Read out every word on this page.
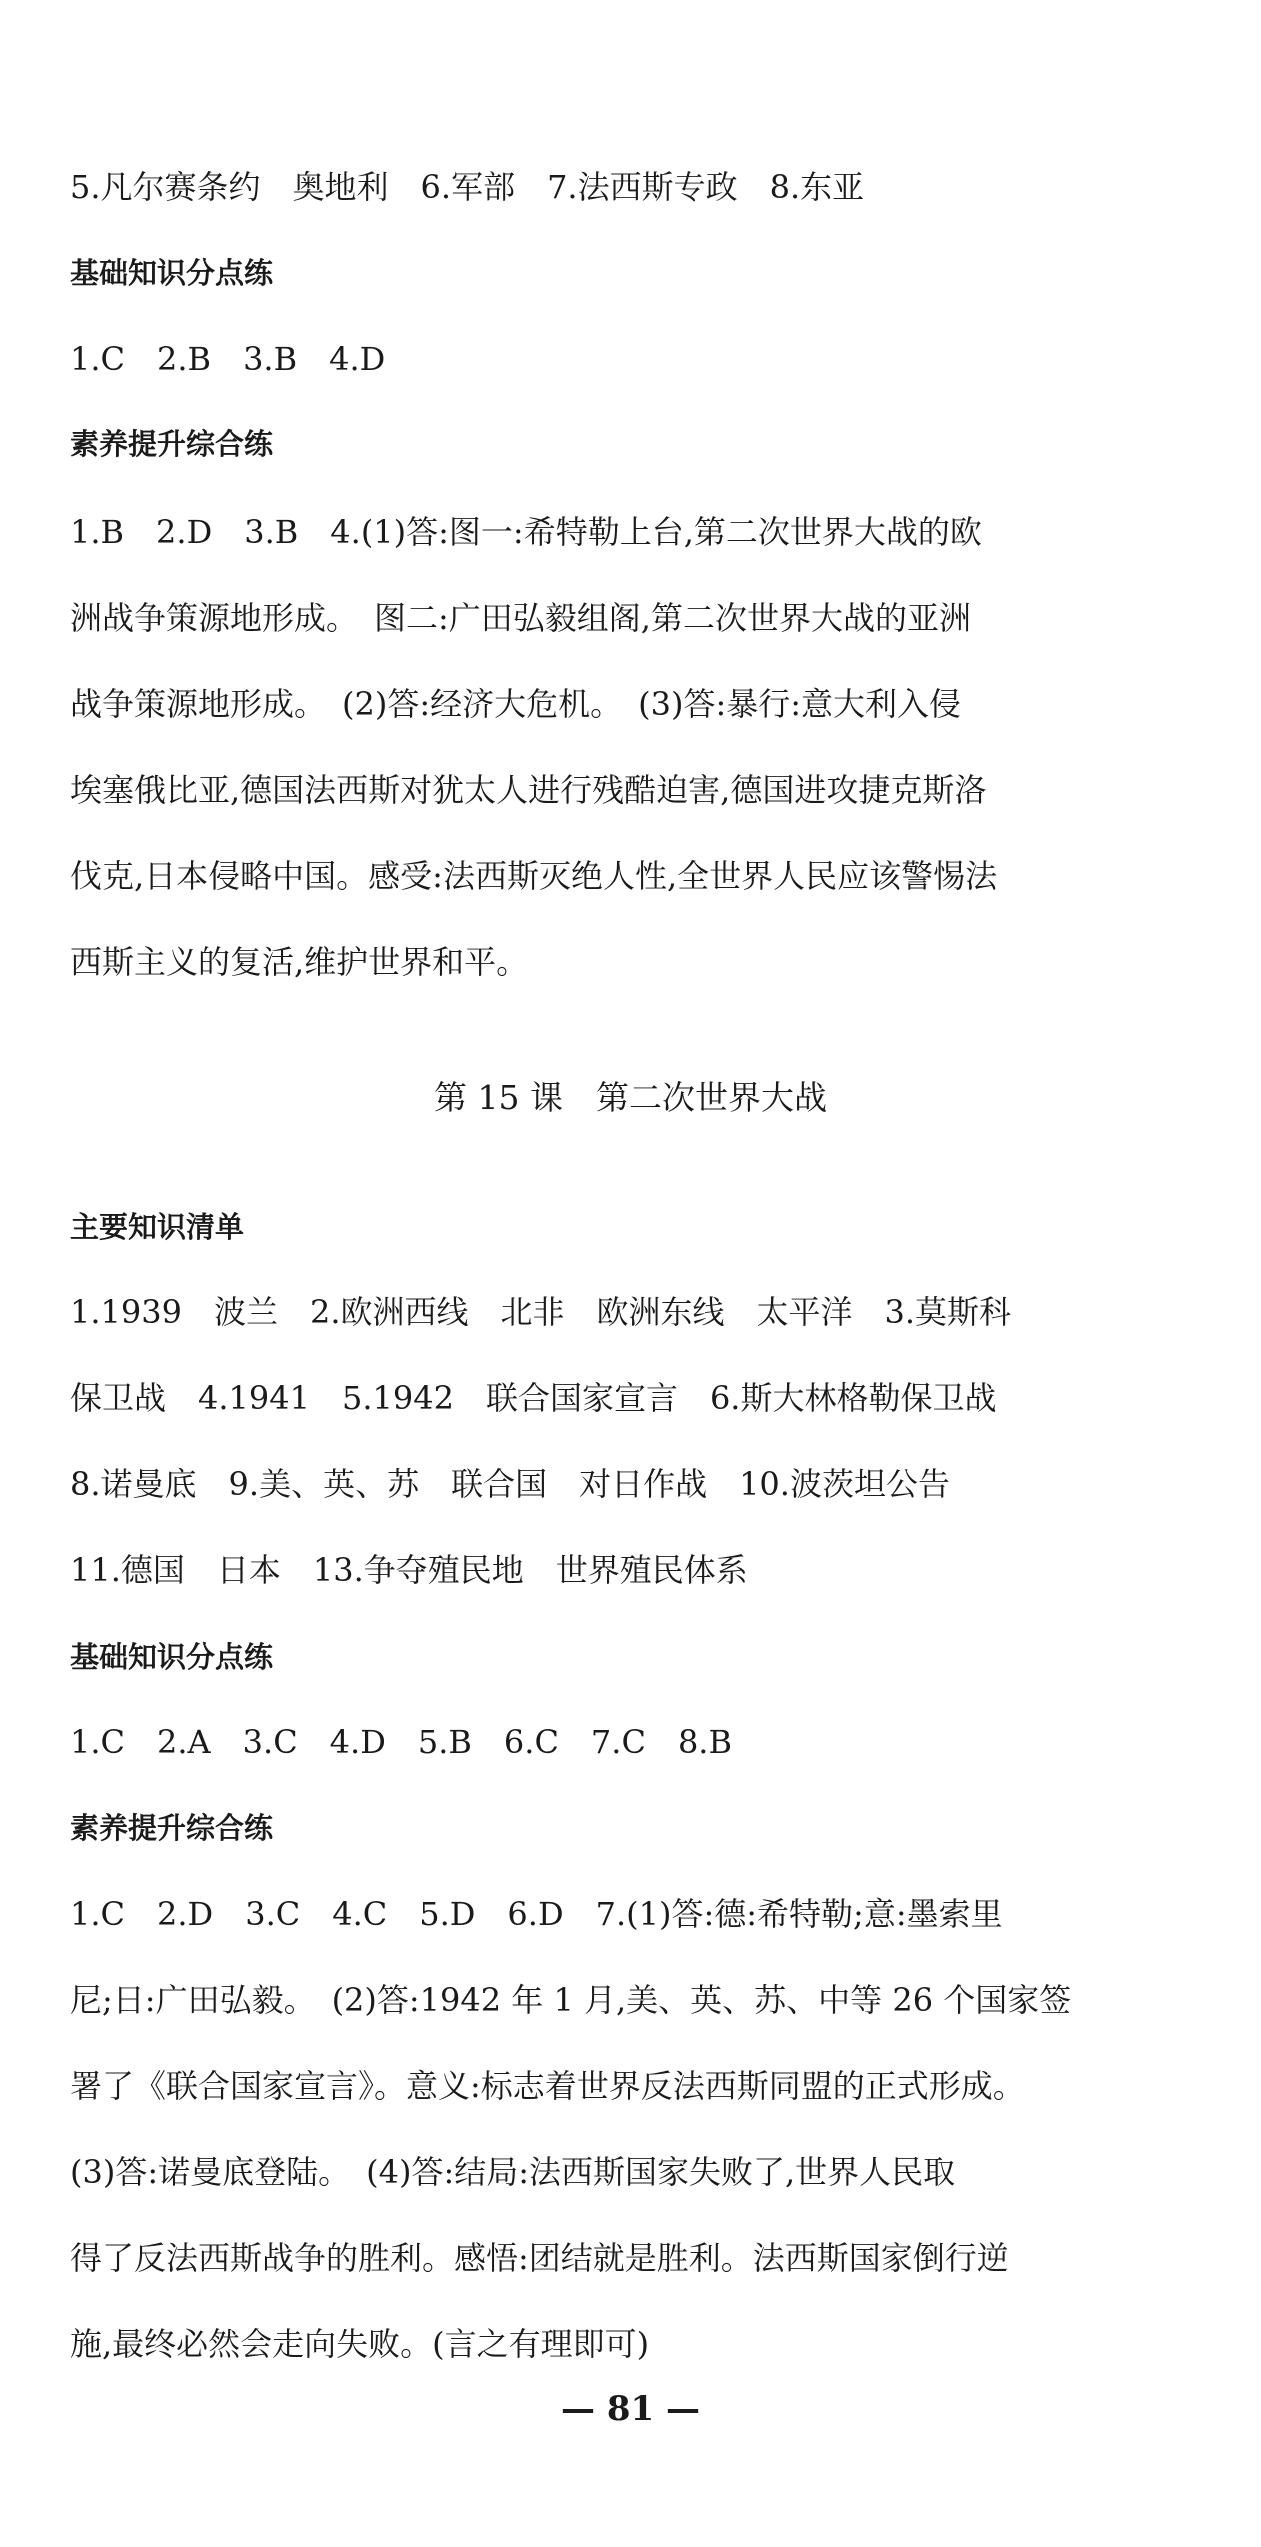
5.凡尔赛条约　奥地利　6.军部　7.法西斯专政　8.东亚
基础知识分点练
1.C　2.B　3.B　4.D
素养提升综合练
1.B　2.D　3.B　4.(1)答:图一:希特勒上台,第二次世界大战的欧
洲战争策源地形成。　图二:广田弘毅组阁,第二次世界大战的亚洲
战争策源地形成。　(2)答:经济大危机。　(3)答:暴行:意大利入侵
埃塞俄比亚,德国法西斯对犹太人进行残酷迫害,德国进攻捷克斯洛
伐克,日本侵略中国。感受:法西斯灭绝人性,全世界人民应该警惕法
西斯主义的复活,维护世界和平。
第 15 课　第二次世界大战
主要知识清单
1.1939　波兰　2.欧洲西线　北非　欧洲东线　太平洋　3.莫斯科
保卫战　4.1941　5.1942　联合国家宣言　6.斯大林格勒保卫战
8.诺曼底　9.美、英、苏　联合国　对日作战　10.波茨坦公告
11.德国　日本　13.争夺殖民地　世界殖民体系
基础知识分点练
1.C　2.A　3.C　4.D　5.B　6.C　7.C　8.B
素养提升综合练
1.C　2.D　3.C　4.C　5.D　6.D　7.(1)答:德:希特勒;意:墨索里
尼;日:广田弘毅。　(2)答:1942 年 1 月,美、英、苏、中等 26 个国家签
署了《联合国家宣言》。意义:标志着世界反法西斯同盟的正式形成。
(3)答:诺曼底登陆。　(4)答:结局:法西斯国家失败了,世界人民取
得了反法西斯战争的胜利。感悟:团结就是胜利。法西斯国家倒行逆
施,最终必然会走向失败。(言之有理即可)
— 81 —
